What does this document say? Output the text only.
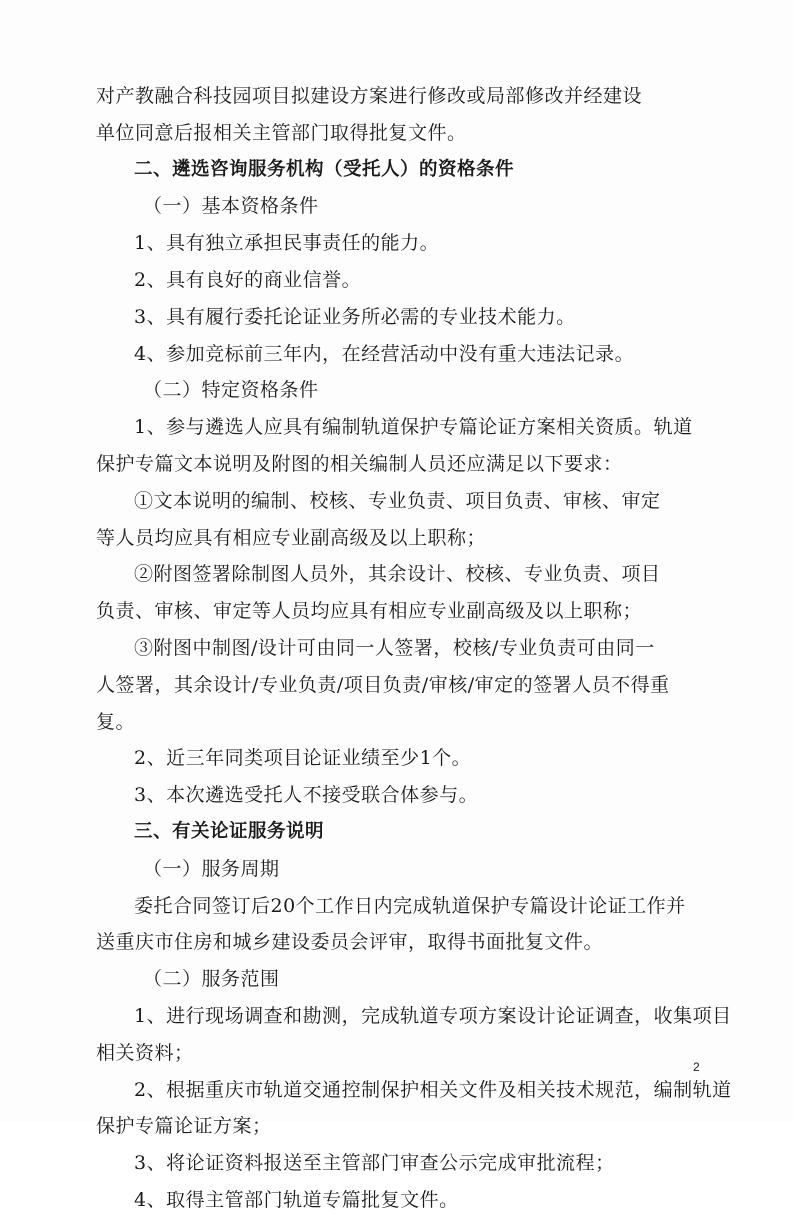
对产教融合科技园项目拟建设方案进行修改或局部修改并经建设
单位同意后报相关主管部门取得批复文件。
二、遴选咨询服务机构（受托人）的资格条件
（一）基本资格条件
1、具有独立承担民事责任的能力。
2、具有良好的商业信誉。
3、具有履行委托论证业务所必需的专业技术能力。
4、参加竞标前三年内，在经营活动中没有重大违法记录。
（二）特定资格条件
1、参与遴选人应具有编制轨道保护专篇论证方案相关资质。轨道
保护专篇文本说明及附图的相关编制人员还应满足以下要求：
①文本说明的编制、校核、专业负责、项目负责、审核、审定
等人员均应具有相应专业副高级及以上职称；
②附图签署除制图人员外，其余设计、校核、专业负责、项目
负责、审核、审定等人员均应具有相应专业副高级及以上职称；
③附图中制图/设计可由同一人签署，校核/专业负责可由同一
人签署，其余设计/专业负责/项目负责/审核/审定的签署人员不得重
复。
2、近三年同类项目论证业绩至少1个。
3、本次遴选受托人不接受联合体参与。
三、有关论证服务说明
（一）服务周期
委托合同签订后20个工作日内完成轨道保护专篇设计论证工作并
送重庆市住房和城乡建设委员会评审，取得书面批复文件。
（二）服务范围
1、进行现场调查和勘测，完成轨道专项方案设计论证调查，收集项目
相关资料；
2、根据重庆市轨道交通控制保护相关文件及相关技术规范，编制轨道
保护专篇论证方案；
3、将论证资料报送至主管部门审查公示完成审批流程；
4、取得主管部门轨道专篇批复文件。
2
